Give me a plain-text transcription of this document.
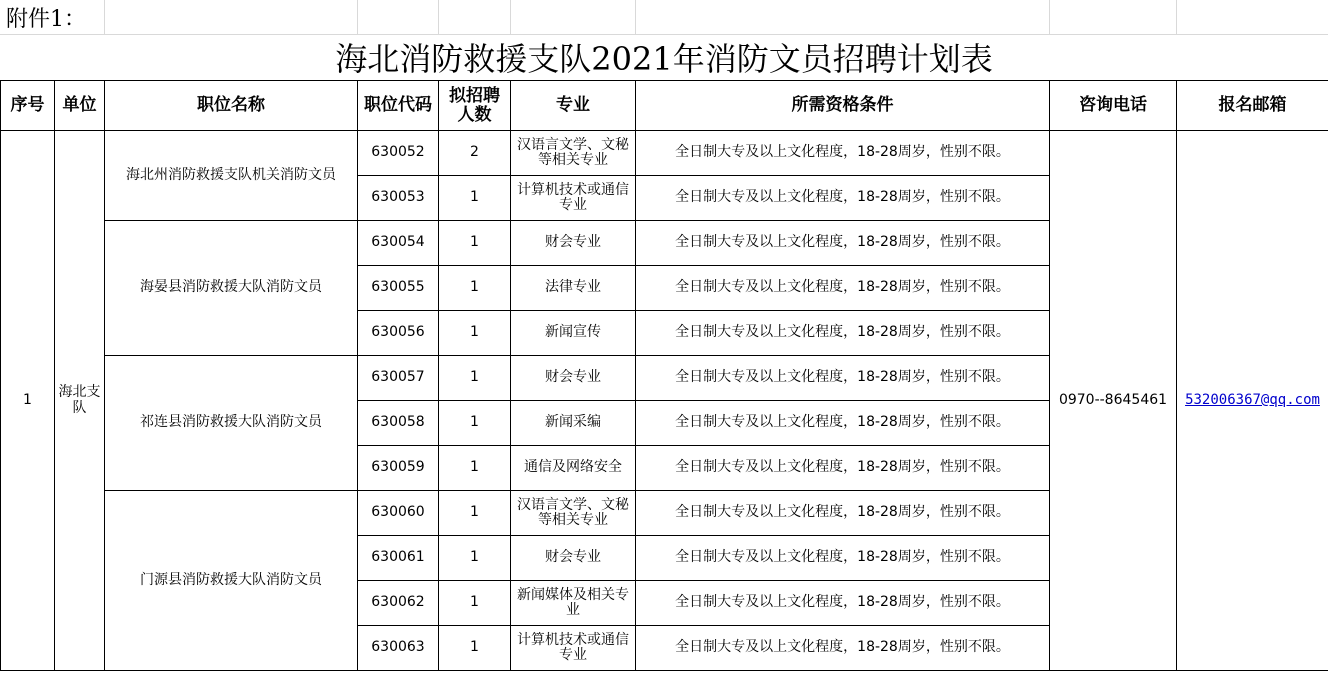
附件1：
海北消防救援支队2021年消防文员招聘计划表
序号	单位	职位名称	职位代码	拟招聘人数	专业	所需资格条件	咨询电话	报名邮箱
1	海北支队	海北州消防救援支队机关消防文员	630052	2	汉语言文学、文秘等相关专业	全日制大专及以上文化程度，18-28周岁，性别不限。	0970--8645461	532006367@qq.com
			630053	1	计算机技术或通信专业	全日制大专及以上文化程度，18-28周岁，性别不限。		
		海晏县消防救援大队消防文员	630054	1	财会专业	全日制大专及以上文化程度，18-28周岁，性别不限。		
			630055	1	法律专业	全日制大专及以上文化程度，18-28周岁，性别不限。		
			630056	1	新闻宣传	全日制大专及以上文化程度，18-28周岁，性别不限。		
		祁连县消防救援大队消防文员	630057	1	财会专业	全日制大专及以上文化程度，18-28周岁，性别不限。		
			630058	1	新闻采编	全日制大专及以上文化程度，18-28周岁，性别不限。		
			630059	1	通信及网络安全	全日制大专及以上文化程度，18-28周岁，性别不限。		
		门源县消防救援大队消防文员	630060	1	汉语言文学、文秘等相关专业	全日制大专及以上文化程度，18-28周岁，性别不限。		
			630061	1	财会专业	全日制大专及以上文化程度，18-28周岁，性别不限。		
			630062	1	新闻媒体及相关专业	全日制大专及以上文化程度，18-28周岁，性别不限。		
			630063	1	计算机技术或通信专业	全日制大专及以上文化程度，18-28周岁，性别不限。		
